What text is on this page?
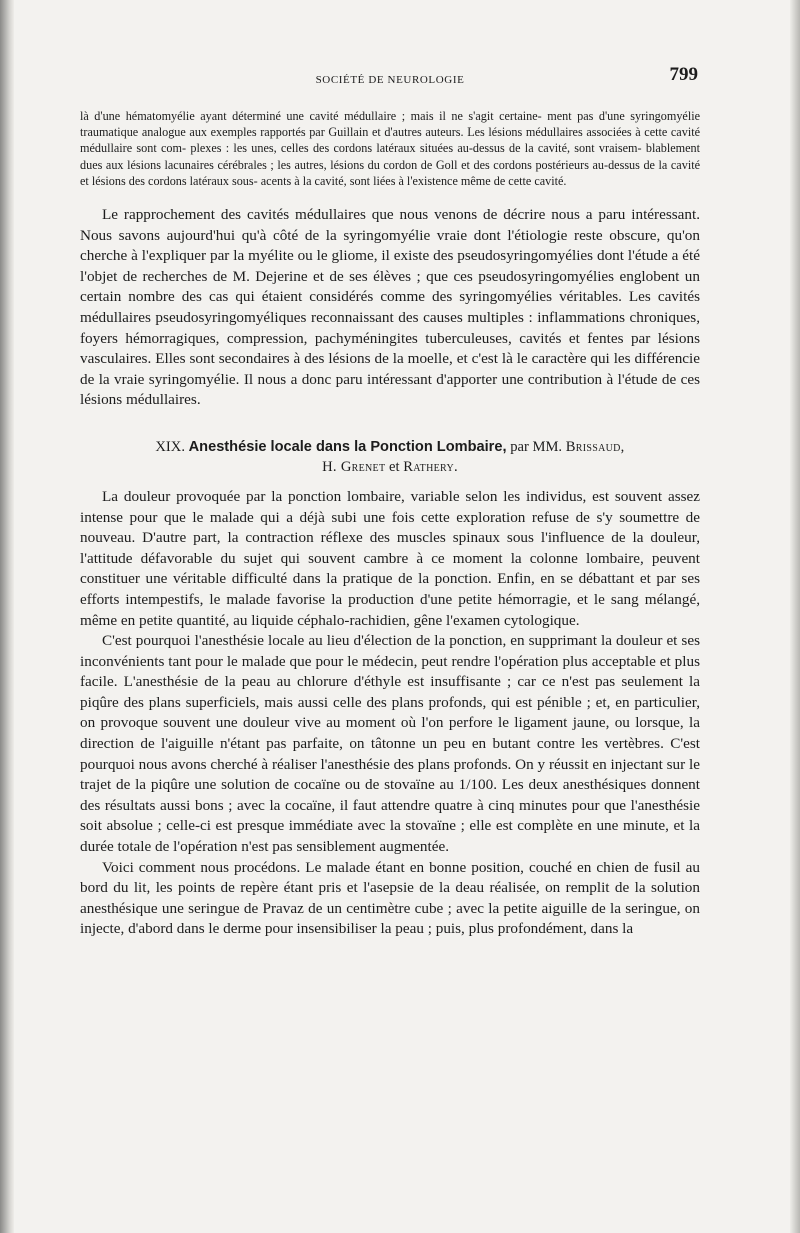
SOCIÉTÉ DE NEUROLOGIE	799

là d'une hématomyélie ayant déterminé une cavité médullaire ; mais il ne s'agit certaine- ment pas d'une syringomyélie traumatique analogue aux exemples rapportés par Guillain et d'autres auteurs. Les lésions médullaires associées à cette cavité médullaire sont com- plexes : les unes, celles des cordons latéraux situées au-dessus de la cavité, sont vraisem- blablement dues aux lésions lacunaires cérébrales ; les autres, lésions du cordon de Goll et des cordons postérieurs au-dessus de la cavité et lésions des cordons latéraux sous- acents à la cavité, sont liées à l'existence même de cette cavité.

Le rapprochement des cavités médullaires que nous venons de décrire nous a paru intéressant. Nous savons aujourd'hui qu'à côté de la syringomyélie vraie dont l'étiologie reste obscure, qu'on cherche à l'expliquer par la myélite ou le gliome, il existe des pseudosyringomyélies dont l'étude a été l'objet de recherches de M. Dejerine et de ses élèves ; que ces pseudosyringomyélies englobent un certain nombre des cas qui étaient considérés comme des syringomyélies véritables. Les cavités médullaires pseudosyringomyéliques reconnaissant des causes multiples : inflammations chroniques, foyers hémorragiques, compression, pachyméningites tuberculeuses, cavités et fentes par lésions vasculaires. Elles sont secondaires à des lésions de la moelle, et c'est là le caractère qui les différencie de la vraie syringomyélie. Il nous a donc paru intéressant d'apporter une contribution à l'étude de ces lésions médullaires.

XIX. Anesthésie locale dans la Ponction Lombaire, par MM. Brissaud,
H. Grenet et Rathery.

La douleur provoquée par la ponction lombaire, variable selon les individus, est souvent assez intense pour que le malade qui a déjà subi une fois cette exploration refuse de s'y soumettre de nouveau. D'autre part, la contraction réflexe des muscles spinaux sous l'influence de la douleur, l'attitude défavorable du sujet qui souvent cambre à ce moment la colonne lombaire, peuvent constituer une véritable difficulté dans la pratique de la ponction. Enfin, en se débattant et par ses efforts intempestifs, le malade favorise la production d'une petite hémorragie, et le sang mélangé, même en petite quantité, au liquide céphalo-rachidien, gêne l'examen cytologique.

C'est pourquoi l'anesthésie locale au lieu d'élection de la ponction, en supprimant la douleur et ses inconvénients tant pour le malade que pour le médecin, peut rendre l'opération plus acceptable et plus facile. L'anesthésie de la peau au chlorure d'éthyle est insuffisante ; car ce n'est pas seulement la piqûre des plans superficiels, mais aussi celle des plans profonds, qui est pénible ; et, en particulier, on provoque souvent une douleur vive au moment où l'on perfore le ligament jaune, ou lorsque, la direction de l'aiguille n'étant pas parfaite, on tâtonne un peu en butant contre les vertèbres. C'est pourquoi nous avons cherché à réaliser l'anesthésie des plans profonds. On y réussit en injectant sur le trajet de la piqûre une solution de cocaïne ou de stovaïne au 1/100. Les deux anesthésiques donnent des résultats aussi bons ; avec la cocaïne, il faut attendre quatre à cinq minutes pour que l'anesthésie soit absolue ; celle-ci est presque immédiate avec la stovaïne ; elle est complète en une minute, et la durée totale de l'opération n'est pas sensiblement augmentée.

Voici comment nous procédons. Le malade étant en bonne position, couché en chien de fusil au bord du lit, les points de repère étant pris et l'asepsie de la deau réalisée, on remplit de la solution anesthésique une seringue de Pravaz de un centimètre cube ; avec la petite aiguille de la seringue, on injecte, d'abord dans le derme pour insensibiliser la peau ; puis, plus profondément, dans la
